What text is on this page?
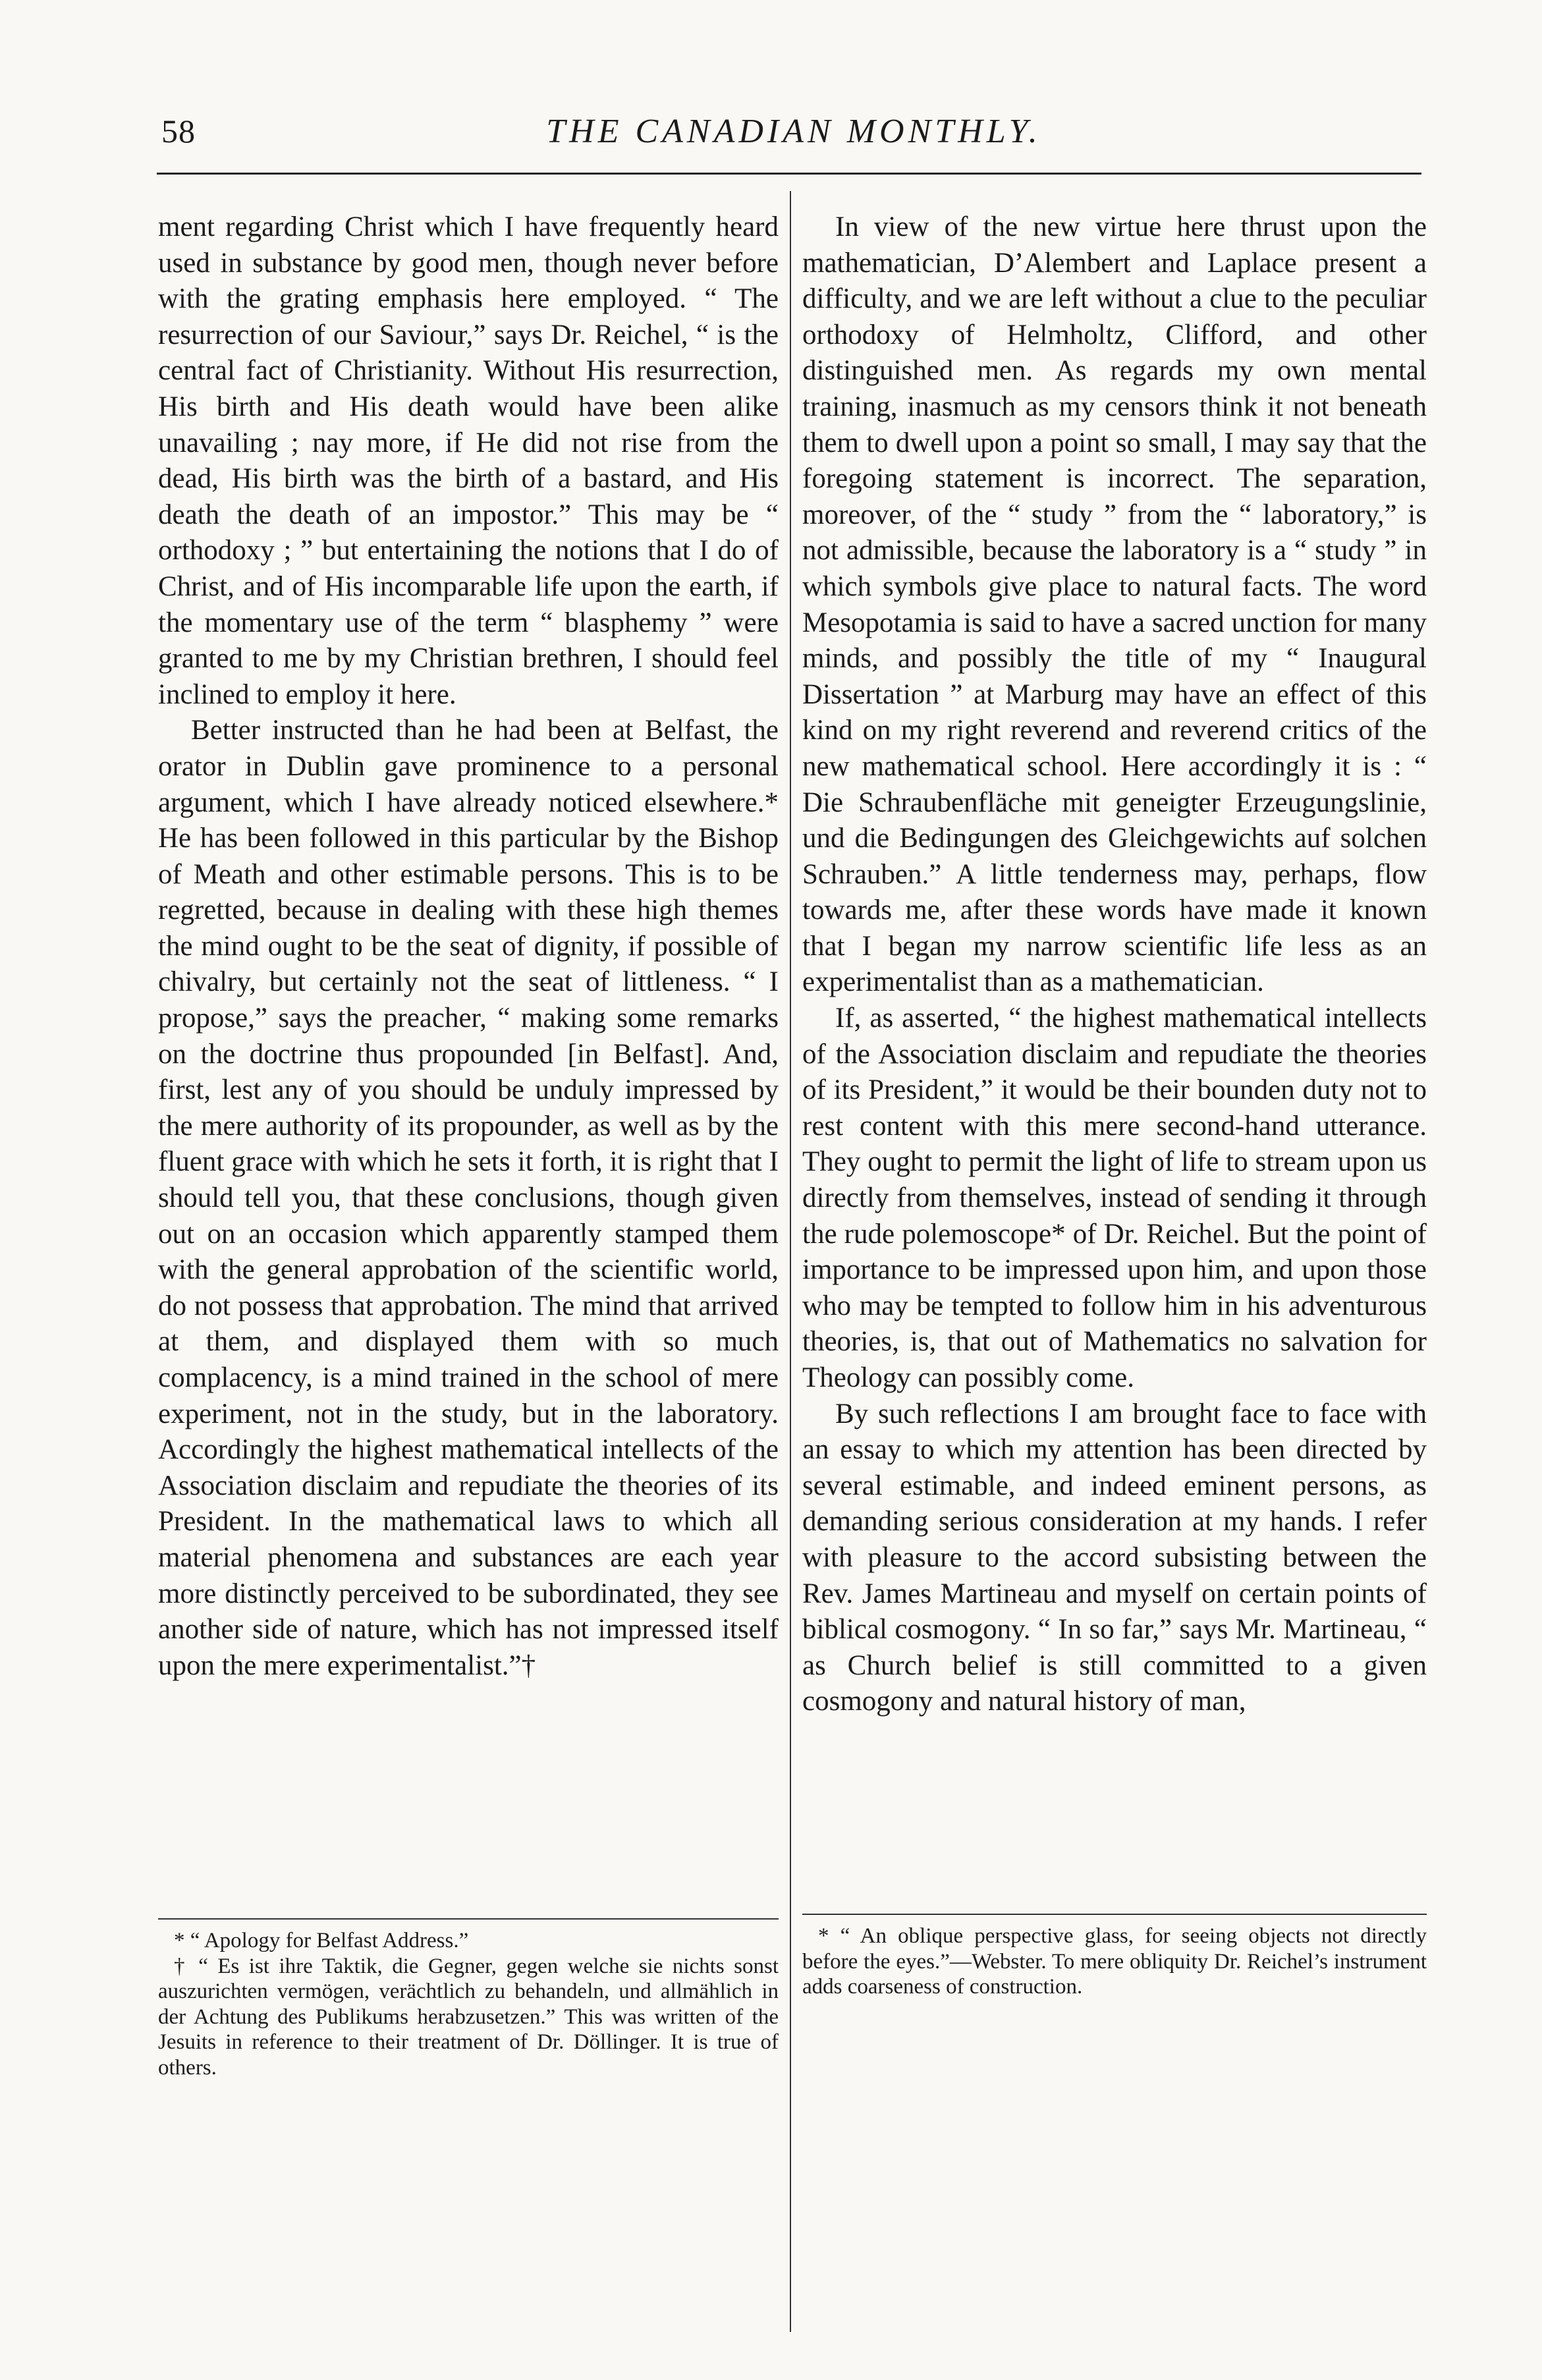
58	THE CANADIAN MONTHLY.

ment regarding Christ which I have frequently heard used in substance by good men, though never before with the grating emphasis here employed. “ The resurrection of our Saviour,” says Dr. Reichel, “ is the central fact of Christianity. Without His resurrection, His birth and His death would have been alike unavailing ; nay more, if He did not rise from the dead, His birth was the birth of a bastard, and His death the death of an impostor.” This may be “ orthodoxy ; ” but entertaining the notions that I do of Christ, and of His incomparable life upon the earth, if the momentary use of the term “ blasphemy ” were granted to me by my Christian brethren, I should feel inclined to employ it here.

Better instructed than he had been at Belfast, the orator in Dublin gave prominence to a personal argument, which I have already noticed elsewhere.* He has been followed in this particular by the Bishop of Meath and other estimable persons. This is to be regretted, because in dealing with these high themes the mind ought to be the seat of dignity, if possible of chivalry, but certainly not the seat of littleness. “ I propose,” says the preacher, “ making some remarks on the doctrine thus propounded [in Belfast]. And, first, lest any of you should be unduly impressed by the mere authority of its propounder, as well as by the fluent grace with which he sets it forth, it is right that I should tell you, that these conclusions, though given out on an occasion which apparently stamped them with the general approbation of the scientific world, do not possess that approbation. The mind that arrived at them, and displayed them with so much complacency, is a mind trained in the school of mere experiment, not in the study, but in the laboratory. Accordingly the highest mathematical intellects of the Association disclaim and repudiate the theories of its President. In the mathematical laws to which all material phenomena and substances are each year more distinctly perceived to be subordinated, they see another side of nature, which has not impressed itself upon the mere experimentalist.”†

In view of the new virtue here thrust upon the mathematician, D’Alembert and Laplace present a difficulty, and we are left without a clue to the peculiar orthodoxy of Helmholtz, Clifford, and other distinguished men. As regards my own mental training, inasmuch as my censors think it not beneath them to dwell upon a point so small, I may say that the foregoing statement is incorrect. The separation, moreover, of the “ study ” from the “ laboratory,” is not admissible, because the laboratory is a “ study ” in which symbols give place to natural facts. The word Mesopotamia is said to have a sacred unction for many minds, and possibly the title of my “ Inaugural Dissertation ” at Marburg may have an effect of this kind on my right reverend and reverend critics of the new mathematical school. Here accordingly it is : “ Die Schraubenfläche mit geneigter Erzeugungslinie, und die Bedingungen des Gleichgewichts auf solchen Schrauben.” A little tenderness may, perhaps, flow towards me, after these words have made it known that I began my narrow scientific life less as an experimentalist than as a mathematician.

If, as asserted, “ the highest mathematical intellects of the Association disclaim and repudiate the theories of its President,” it would be their bounden duty not to rest content with this mere second-hand utterance. They ought to permit the light of life to stream upon us directly from themselves, instead of sending it through the rude polemoscope* of Dr. Reichel. But the point of importance to be impressed upon him, and upon those who may be tempted to follow him in his adventurous theories, is, that out of Mathematics no salvation for Theology can possibly come.

By such reflections I am brought face to face with an essay to which my attention has been directed by several estimable, and indeed eminent persons, as demanding serious consideration at my hands. I refer with pleasure to the accord subsisting between the Rev. James Martineau and myself on certain points of biblical cosmogony. “ In so far,” says Mr. Martineau, “ as Church belief is still committed to a given cosmogony and natural history of man,

* “ Apology for Belfast Address.”

† “ Es ist ihre Taktik, die Gegner, gegen welche sie nichts sonst auszurichten vermögen, verächtlich zu behandeln, und allmählich in der Achtung des Publikums herabzusetzen.” This was written of the Jesuits in reference to their treatment of Dr. Döllinger. It is true of others.

* “ An oblique perspective glass, for seeing objects not directly before the eyes.”—Webster. To mere obliquity Dr. Reichel’s instrument adds coarseness of construction.
